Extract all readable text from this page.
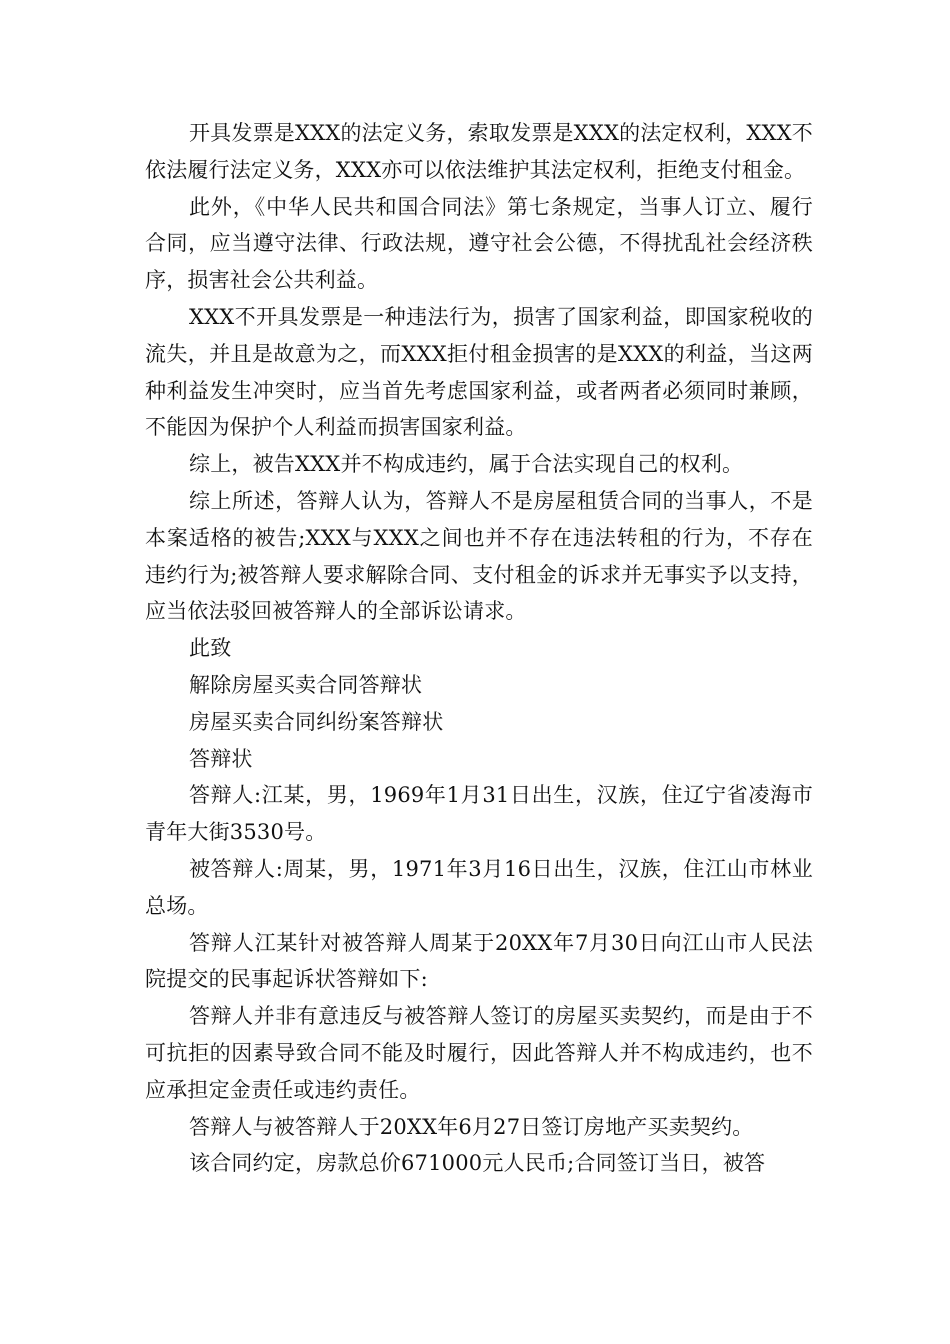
开具发票是XXX的法定义务，索取发票是XXX的法定权利，XXX不依法履行法定义务，XXX亦可以依法维护其法定权利，拒绝支付租金。

此外，《中华人民共和国合同法》第七条规定，当事人订立、履行合同，应当遵守法律、行政法规，遵守社会公德，不得扰乱社会经济秩序，损害社会公共利益。

XXX不开具发票是一种违法行为，损害了国家利益，即国家税收的流失，并且是故意为之，而XXX拒付租金损害的是XXX的利益，当这两种利益发生冲突时，应当首先考虑国家利益，或者两者必须同时兼顾，不能因为保护个人利益而损害国家利益。

综上，被告XXX并不构成违约，属于合法实现自己的权利。

综上所述，答辩人认为，答辩人不是房屋租赁合同的当事人，不是本案适格的被告;XXX与XXX之间也并不存在违法转租的行为，不存在违约行为;被答辩人要求解除合同、支付租金的诉求并无事实予以支持，应当依法驳回被答辩人的全部诉讼请求。

此致

解除房屋买卖合同答辩状

房屋买卖合同纠纷案答辩状

答辩状

答辩人:江某，男，1969年1月31日出生，汉族，住辽宁省凌海市青年大街3530号。

被答辩人:周某，男，1971年3月16日出生，汉族，住江山市林业总场。

答辩人江某针对被答辩人周某于20XX年7月30日向江山市人民法院提交的民事起诉状答辩如下:

答辩人并非有意违反与被答辩人签订的房屋买卖契约，而是由于不可抗拒的因素导致合同不能及时履行，因此答辩人并不构成违约，也不应承担定金责任或违约责任。

答辩人与被答辩人于20XX年6月27日签订房地产买卖契约。

该合同约定，房款总价671000元人民币;合同签订当日，被答
